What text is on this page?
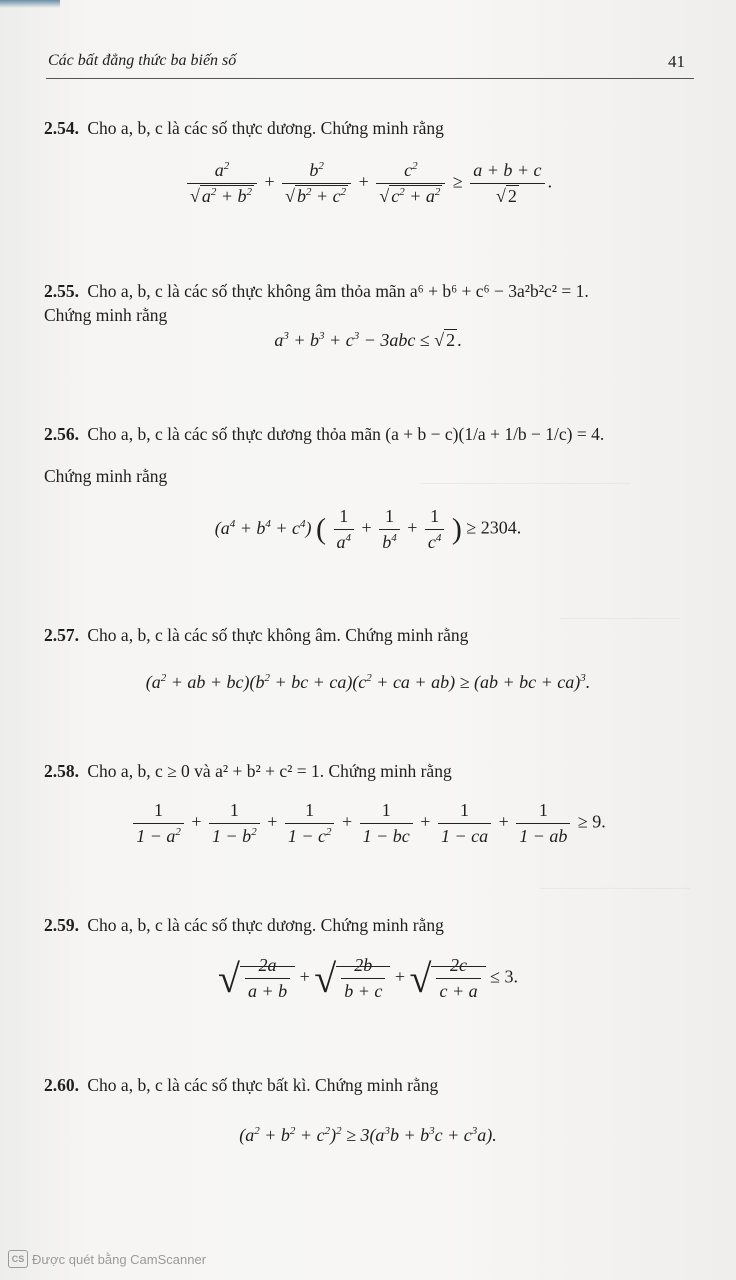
Các bất đẳng thức ba biến số	41
2.54. Cho a, b, c là các số thực dương. Chứng minh rằng
$\frac{a^2}{√ a^2 + b^2} + \frac{b^2}{√ b^2 + c^2} + \frac{c^2}{√ c^2 + a^2} \ge \frac{a + b + c}{√ 2}$ .
2.55. Cho a, b, c là các số thực không âm thỏa mãn a⁶ + b⁶ + c⁶ − 3a²b²c² = 1.
Chứng minh rằng
$a^3 + b^3 + c^3 - 3abc$ ≤ √ 2 .
2.56. Cho a, b, c là các số thực dương thỏa mãn (a + b − c)(1/a + 1/b − 1/c) = 4.
Chứng minh rằng
$(a^4 + b^4 + c^4)$ ( $\frac{1}{a^4} + \frac{1}{b^4} + \frac{1}{c^4}$ ) ≥ 2304.
2.57. Cho a, b, c là các số thực không âm. Chứng minh rằng
($a^2$ + ab + $bc)(b^2$ + bc + $ca)(c^2$ + ca + ab) ≥ (ab + bc + ca)$^3$.
2.58. Cho a, b, c ≥ 0 và a² + b² + c² = 1. Chứng minh rằng
$\frac{1}{1 - a^2} + \frac{1}{1 - b^2} + \frac{1}{1 - c^2} + \frac{1}{1 - bc} + \frac{1}{1 - ca} + \frac{1}{1 - ab} \ge 9$.
2.59. Cho a, b, c là các số thực dương. Chứng minh rằng
√ $\frac{2a}{a + b}$ + √ $\frac{2b}{b + c}$ + √ $\frac{2c}{c + a} \le 3$.
2.60. Cho a, b, c là các số thực bất kì. Chứng minh rằng
$(a^2 + b^2 + c^2)^2 \ge 3(a^3b + b^3c + c^3a)$.
——————————————
————————
——————————
CS Được quét bằng CamScanner
